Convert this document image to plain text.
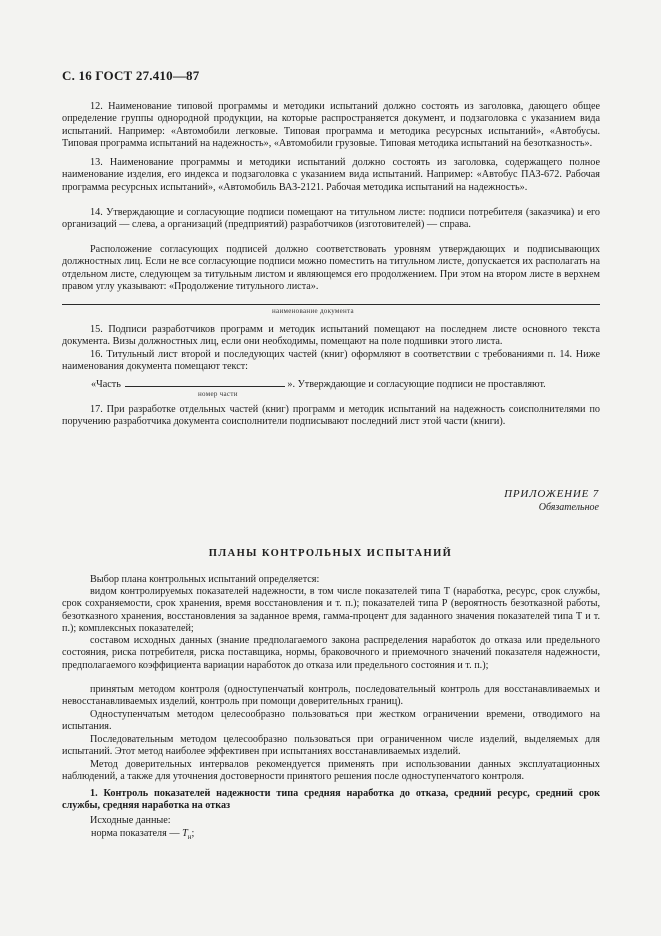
С. 16 ГОСТ 27.410—87
12. Наименование типовой программы и методики испытаний должно состоять из заголовка, дающего общее определение группы однородной продукции, на которые распространяется документ, и подзаголовка с указанием вида испытаний. Например: «Автомобили легковые. Типовая программа и методика ресурсных испытаний», «Автобусы. Типовая программа испытаний на надежность», «Автомобили грузовые. Типовая методика испытаний на безотказность».
13. Наименование программы и методики испытаний должно состоять из заголовка, содержащего полное наименование изделия, его индекса и подзаголовка с указанием вида испытаний. Например: «Автобус ПАЗ-672. Рабочая программа ресурсных испытаний», «Автомобиль ВАЗ-2121. Рабочая методика испытаний на надежность».
14. Утверждающие и согласующие подписи помещают на титульном листе: подписи потребителя (заказчика) и его организаций — слева, а организаций (предприятий) разработчиков (изготовителей) — справа.
Расположение согласующих подписей должно соответствовать уровням утверждающих и подписывающих должностных лиц. Если не все согласующие подписи можно поместить на титульном листе, допускается их располагать на отдельном листе, следующем за титульным листом и являющемся его продолжением. При этом на втором листе в верхнем правом углу указывают: «Продолжение титульного листа».
наименование документа
15. Подписи разработчиков программ и методик испытаний помещают на последнем листе основного текста документа. Визы должностных лиц, если они необходимы, помещают на поле подшивки этого листа.
16. Титульный лист второй и последующих частей (книг) оформляют в соответствии с требованиями п. 14. Ниже наименования документа помещают текст:
«Часть	». Утверждающие и согласующие подписи не проставляют.
номер части
17. При разработке отдельных частей (книг) программ и методик испытаний на надежность соисполнителями по поручению разработчика документа соисполнители подписывают последний лист этой части (книги).
ПРИЛОЖЕНИЕ 7
Обязательное
ПЛАНЫ КОНТРОЛЬНЫХ ИСПЫТАНИЙ
Выбор плана контрольных испытаний определяется:
видом контролируемых показателей надежности, в том числе показателей типа Т (наработка, ресурс, срок службы, срок сохраняемости, срок хранения, время восстановления и т. п.); показателей типа Р (вероятность безотказной работы, безотказного хранения, восстановления за заданное время, гамма-процент для заданного значения показателей типа Т и т. п.); комплексных показателей;
составом исходных данных (знание предполагаемого закона распределения наработок до отказа или предельного состояния, риска потребителя, риска поставщика, нормы, браковочного и приемочного значений показателя надежности, предполагаемого коэффициента вариации наработок до отказа или предельного состояния и т. п.);
принятым методом контроля (одноступенчатый контроль, последовательный контроль для восстанавливаемых и невосстанавливаемых изделий, контроль при помощи доверительных границ).
Одноступенчатым методом целесообразно пользоваться при жестком ограничении времени, отводимого на испытания.
Последовательным методом целесообразно пользоваться при ограниченном числе изделий, выделяемых для испытаний. Этот метод наиболее эффективен при испытаниях восстанавливаемых изделий.
Метод доверительных интервалов рекомендуется применять при использовании данных эксплуатационных наблюдений, а также для уточнения достоверности принятого решения после одноступенчатого контроля.
1. Контроль показателей надежности типа средняя наработка до отказа, средний ресурс, средний срок службы, средняя наработка на отказ
Исходные данные:
норма показателя — $T_н$;
